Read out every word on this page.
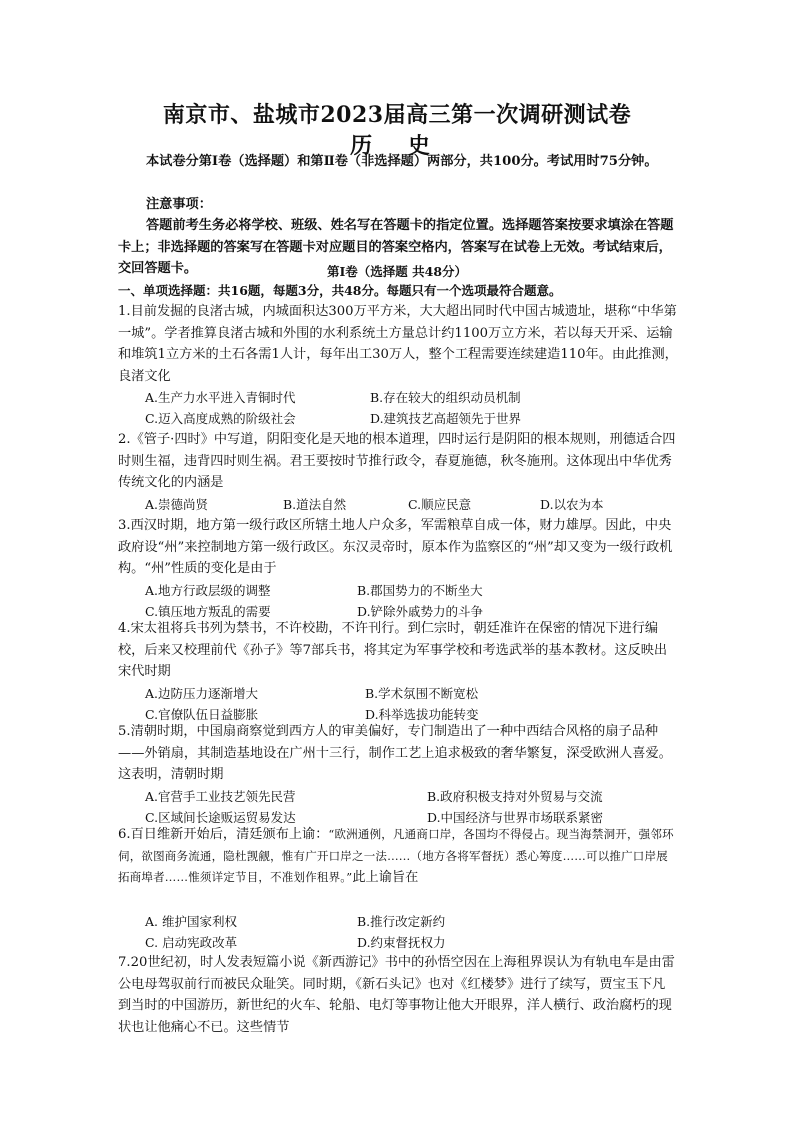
南京市、盐城市2023届高三第一次调研测试卷
历 史
本试卷分第Ⅰ卷（选择题）和第Ⅱ卷（非选择题）两部分，共100分。考试用时75分钟。
注意事项：
答题前考生务必将学校、班级、姓名写在答题卡的指定位置。选择题答案按要求填涂在答题卡上；非选择题的答案写在答题卡对应题目的答案空格内，答案写在试卷上无效。考试结束后，交回答题卡。	第Ⅰ卷（选择题 共48分）
一、单项选择题：共16题，每题3分，共48分。每题只有一个选项最符合题意。
1.目前发掘的良渚古城，内城面积达300万平方米，大大超出同时代中国古城遗址，堪称“中华第一城”。学者推算良渚古城和外围的水利系统土方量总计约1100万立方米，若以每天开采、运输和堆筑1立方米的土石各需1人计，每年出工30万人，整个工程需要连续建造110年。由此推测，良渚文化
A.生产力水平进入青铜时代	B.存在较大的组织动员机制
C.迈入高度成熟的阶级社会	D.建筑技艺高超领先于世界
2.《管子·四时》中写道，阴阳变化是天地的根本道理，四时运行是阴阳的根本规则，刑德适合四时则生福，违背四时则生祸。君王要按时节推行政令，春夏施德，秋冬施刑。这体现出中华优秀传统文化的内涵是
A.崇德尚贤	B.道法自然	C.顺应民意	D.以农为本
3.西汉时期，地方第一级行政区所辖土地人户众多，军需粮草自成一体，财力雄厚。因此，中央政府设“州”来控制地方第一级行政区。东汉灵帝时，原本作为监察区的“州”却又变为一级行政机构。“州”性质的变化是由于
A.地方行政层级的调整	B.郡国势力的不断坐大
C.镇压地方叛乱的需要	D.铲除外戚势力的斗争
4.宋太祖将兵书列为禁书，不许校勘，不许刊行。到仁宗时，朝廷准许在保密的情况下进行编校，后来又校理前代《孙子》等7部兵书，将其定为军事学校和考选武举的基本教材。这反映出宋代时期
A.边防压力逐渐增大	B.学术氛围不断宽松
C.官僚队伍日益膨胀	D.科举选拔功能转变
5.清朝时期，中国扇商察觉到西方人的审美偏好，专门制造出了一种中西结合风格的扇子品种——外销扇，其制造基地设在广州十三行，制作工艺上追求极致的奢华繁复，深受欧洲人喜爱。这表明，清朝时期
A.官营手工业技艺领先民营	B.政府积极支持对外贸易与交流
C.区域间长途贩运贸易发达	D.中国经济与世界市场联系紧密
6.百日维新开始后，清廷颁布上谕：“欧洲通例，凡通商口岸，各国均不得侵占。现当海禁洞开，强邻环伺，欲图商务流通，隐杜觊觎，惟有广开口岸之一法……（地方各将军督抚）悉心筹度……可以推广口岸展拓商埠者……惟须详定节目，不准划作租界。”此上谕旨在
A. 维护国家利权	B.推行改定新约
C. 启动宪政改革	D.约束督抚权力
7.20世纪初，时人发表短篇小说《新西游记》书中的孙悟空因在上海租界误认为有轨电车是由雷公电母驾驭前行而被民众耻笑。同时期，《新石头记》也对《红楼梦》进行了续写，贾宝玉下凡到当时的中国游历，新世纪的火车、轮船、电灯等事物让他大开眼界，洋人横行、政治腐朽的现状也让他痛心不已。这些情节
